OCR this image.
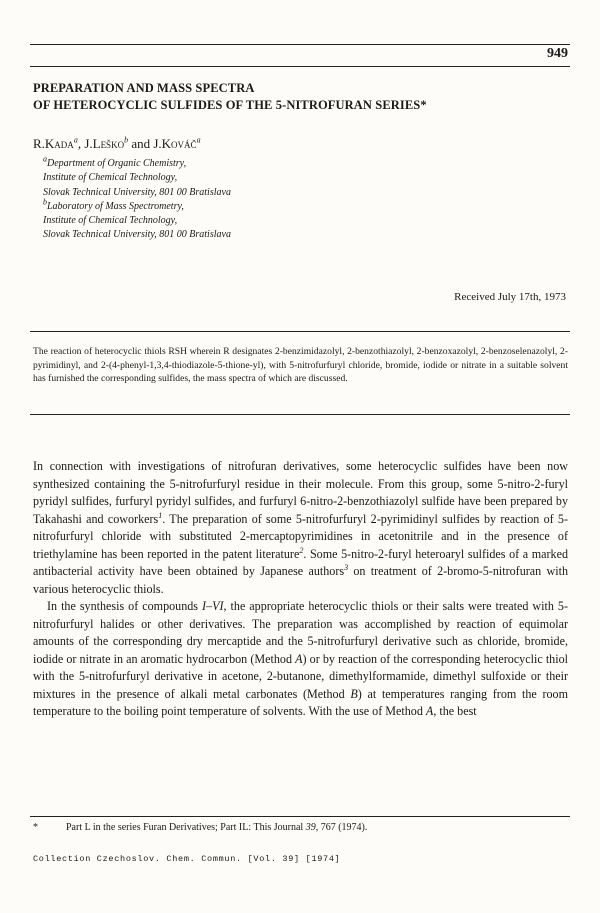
949
PREPARATION AND MASS SPECTRA
OF HETEROCYCLIC SULFIDES OF THE 5-NITROFURAN SERIES*
R.Kada$^a$, J.Leško$^b$ and J.Kováč$^a$
$^a$Department of Organic Chemistry,
Institute of Chemical Technology,
Slovak Technical University, 801 00 Bratislava
$^b$Laboratory of Mass Spectrometry,
Institute of Chemical Technology,
Slovak Technical University, 801 00 Bratislava
Received July 17th, 1973
The reaction of heterocyclic thiols RSH wherein R designates 2-benzimidazolyl, 2-benzothiazolyl, 2-benzoxazolyl, 2-benzoselenazolyl, 2-pyrimidinyl, and 2-(4-phenyl-1,3,4-thiodiazole-5-thione-yl), with 5-nitrofurfuryl chloride, bromide, iodide or nitrate in a suitable solvent has furnished the corresponding sulfides, the mass spectra of which are discussed.

In connection with investigations of nitrofuran derivatives, some heterocyclic sulfides have been now synthesized containing the 5-nitrofurfuryl residue in their molecule. From this group, some 5-nitro-2-furyl pyridyl sulfides, furfuryl pyridyl sulfides, and furfuryl 6-nitro-2-benzothiazolyl sulfide have been prepared by Takahashi and coworkers$^1$. The preparation of some 5-nitrofurfuryl 2-pyrimidinyl sulfides by reaction of 5-nitrofurfuryl chloride with substituted 2-mercaptopyrimidines in acetonitrile and in the presence of triethylamine has been reported in the patent literature$^2$. Some 5-nitro-2-furyl heteroaryl sulfides of a marked antibacterial activity have been obtained by Japanese authors$^3$ on treatment of 2-bromo-5-nitrofuran with various heterocyclic thiols.

In the synthesis of compounds I–VI, the appropriate heterocyclic thiols or their salts were treated with 5-nitrofurfuryl halides or other derivatives. The preparation was accomplished by reaction of equimolar amounts of the corresponding dry mercaptide and the 5-nitrofurfuryl derivative such as chloride, bromide, iodide or nitrate in an aromatic hydrocarbon (Method A) or by reaction of the corresponding heterocyclic thiol with the 5-nitrofurfuryl derivative in acetone, 2-butanone, dimethylformamide, dimethyl sulfoxide or their mixtures in the presence of alkali metal carbonates (Method B) at temperatures ranging from the room temperature to the boiling point temperature of solvents. With the use of Method A, the best

*	Part L in the series Furan Derivatives; Part IL: This Journal 39, 767 (1974).
Collection Czechoslov. Chem. Commun. [Vol. 39] [1974]
